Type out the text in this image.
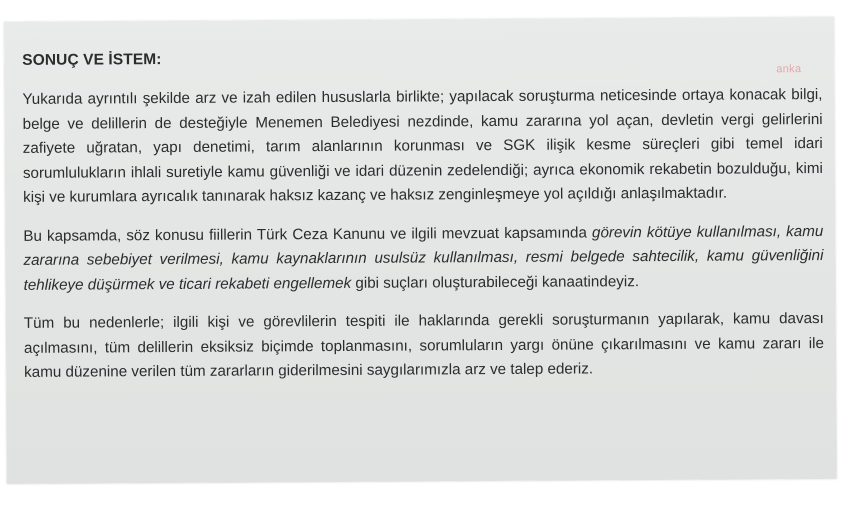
anka
SONUÇ VE İSTEM:

Yukarıda ayrıntılı şekilde arz ve izah edilen hususlarla birlikte; yapılacak soruşturma neticesinde ortaya konacak bilgi, belge ve delillerin de desteğiyle Menemen Belediyesi nezdinde, kamu zararına yol açan, devletin vergi gelirlerini zafiyete uğratan, yapı denetimi, tarım alanlarının korunması ve SGK ilişik kesme süreçleri gibi temel idari sorumlulukların ihlali suretiyle kamu güvenliği ve idari düzenin zedelendiği; ayrıca ekonomik rekabetin bozulduğu, kimi kişi ve kurumlara ayrıcalık tanınarak haksız kazanç ve haksız zenginleşmeye yol açıldığı anlaşılmaktadır.

Bu kapsamda, söz konusu fiillerin Türk Ceza Kanunu ve ilgili mevzuat kapsamında görevin kötüye kullanılması, kamu zararına sebebiyet verilmesi, kamu kaynaklarının usulsüz kullanılması, resmi belgede sahtecilik, kamu güvenliğini tehlikeye düşürmek ve ticari rekabeti engellemek gibi suçları oluşturabileceği kanaatindeyiz.

Tüm bu nedenlerle; ilgili kişi ve görevlilerin tespiti ile haklarında gerekli soruşturmanın yapılarak, kamu davası açılmasını, tüm delillerin eksiksiz biçimde toplanmasını, sorumluların yargı önüne çıkarılmasını ve kamu zararı ile kamu düzenine verilen tüm zararların giderilmesini saygılarımızla arz ve talep ederiz.
